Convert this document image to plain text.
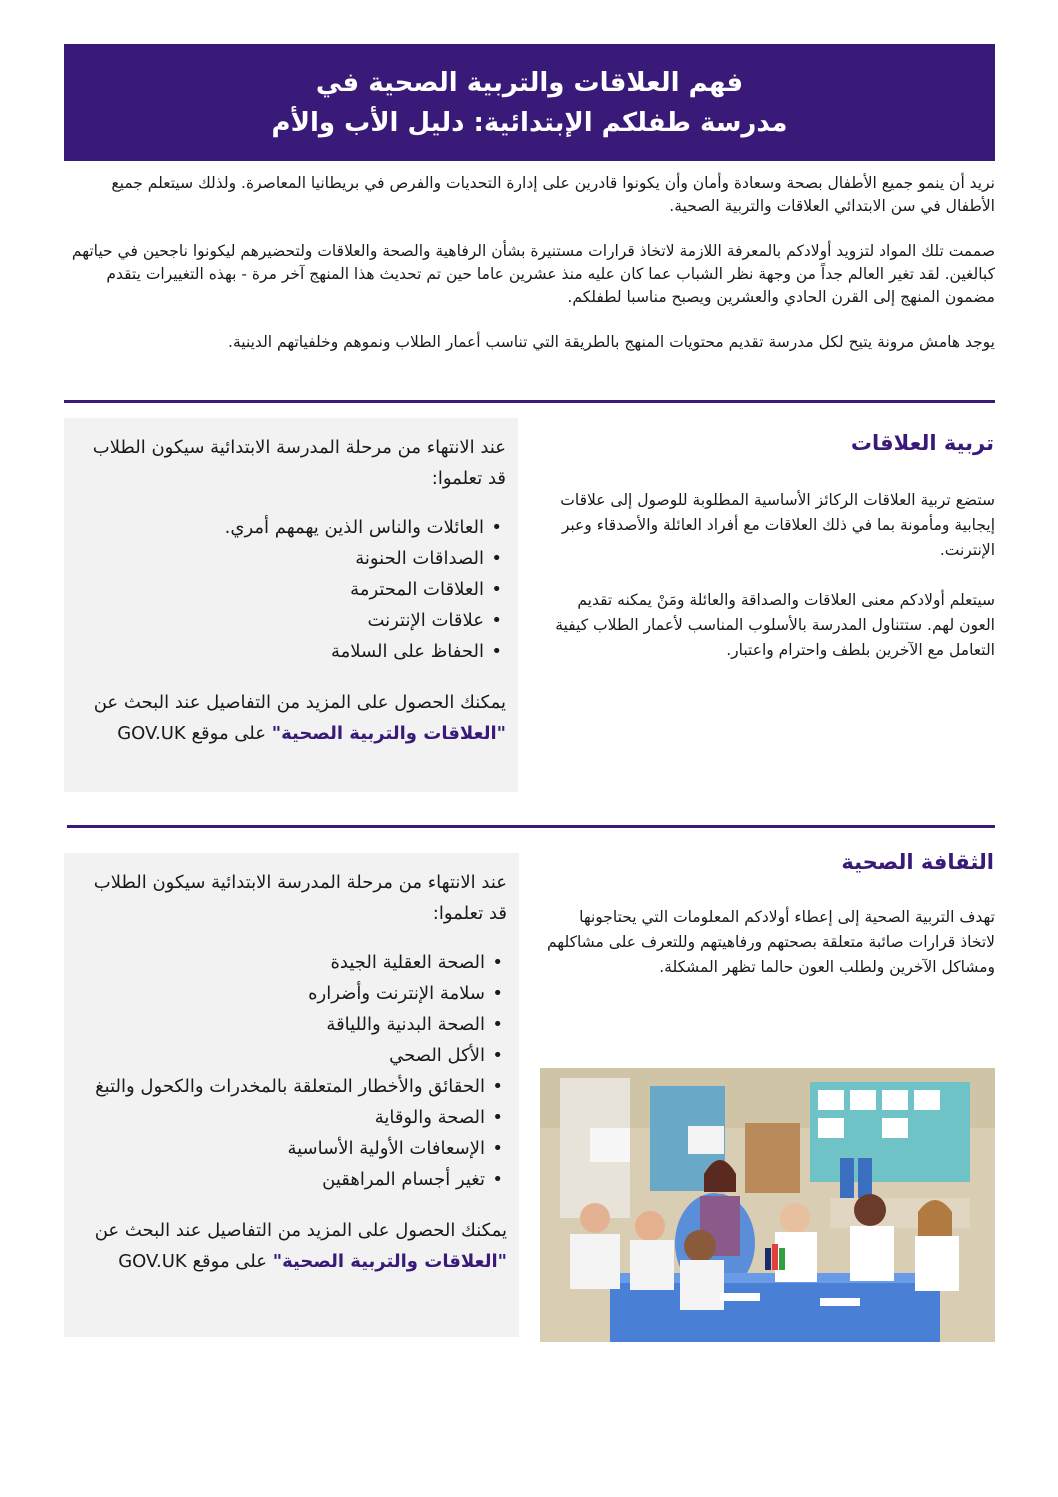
فهم العلاقات والتربية الصحية في
مدرسة طفلكم الإبتدائية: دليل الأب والأم

نريد أن ينمو جميع الأطفال بصحة وسعادة وأمان وأن يكونوا قادرين على إدارة التحديات والفرص في بريطانيا المعاصرة. ولذلك سيتعلم جميع الأطفال في سن الابتدائي العلاقات والتربية الصحية.

صممت تلك المواد لتزويد أولادكم بالمعرفة اللازمة لاتخاذ قرارات مستنيرة بشأن الرفاهية والصحة والعلاقات ولتحضيرهم ليكونوا ناجحين في حياتهم كبالغين. لقد تغير العالم جداً من وجهة نظر الشباب عما كان عليه منذ عشرين عاما حين تم تحديث هذا المنهج آخر مرة - بهذه التغييرات يتقدم مضمون المنهج إلى القرن الحادي والعشرين ويصبح مناسبا لطفلكم.

يوجد هامش مرونة يتيح لكل مدرسة تقديم محتويات المنهج بالطريقة التي تناسب أعمار الطلاب ونموهم وخلفياتهم الدينية.

عند الانتهاء من مرحلة المدرسة الابتدائية سيكون الطلاب قد تعلموا:

• العائلات والناس الذين يهمهم أمري.
• الصداقات الحنونة
• العلاقات المحترمة
• علاقات الإنترنت
• الحفاظ على السلامة

يمكنك الحصول على المزيد من التفاصيل عند البحث عن "العلاقات والتربية الصحية" على موقع GOV.UK

تربية العلاقات

ستضع تربية العلاقات الركائز الأساسية المطلوبة للوصول إلى علاقات إيجابية ومأمونة بما في ذلك العلاقات مع أفراد العائلة والأصدقاء وعبر الإنترنت.

سيتعلم أولادكم معنى العلاقات والصداقة والعائلة ومَنْ يمكنه تقديم العون لهم. ستتناول المدرسة بالأسلوب المناسب لأعمار الطلاب كيفية التعامل مع الآخرين بلطف واحترام واعتبار.

عند الانتهاء من مرحلة المدرسة الابتدائية سيكون الطلاب قد تعلموا:

• الصحة العقلية الجيدة
• سلامة الإنترنت وأضراره
• الصحة البدنية واللياقة
• الأكل الصحي
• الحقائق والأخطار المتعلقة بالمخدرات والكحول والتبغ
• الصحة والوقاية
• الإسعافات الأولية الأساسية
• تغير أجسام المراهقين

يمكنك الحصول على المزيد من التفاصيل عند البحث عن "العلاقات والتربية الصحية" على موقع GOV.UK

الثقافة الصحية

تهدف التربية الصحية إلى إعطاء أولادكم المعلومات التي يحتاجونها لاتخاذ قرارات صائبة متعلقة بصحتهم ورفاهيتهم وللتعرف على مشاكلهم ومشاكل الآخرين ولطلب العون حالما تظهر المشكلة.
